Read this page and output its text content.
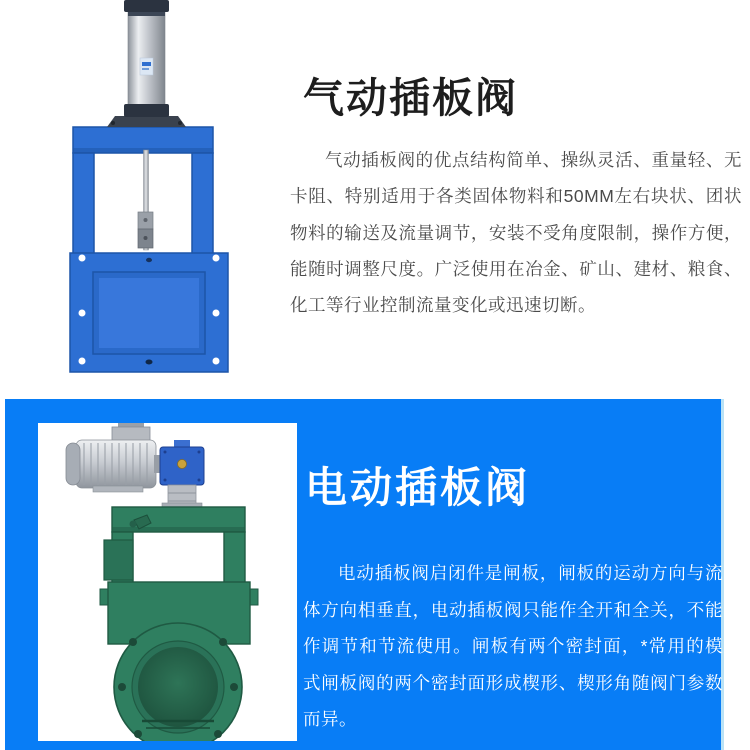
气动插板阀
气动插板阀的优点结构简单、操纵灵活、重量轻、无卡阻、特别适用于各类固体物料和50MM左右块状、团状物料的输送及流量调节，安装不受角度限制，操作方便，能随时调整尺度。广泛使用在冶金、矿山、建材、粮食、化工等行业控制流量变化或迅速切断。
电动插板阀
电动插板阀启闭件是闸板，闸板的运动方向与流体方向相垂直，电动插板阀只能作全开和全关，不能作调节和节流使用。闸板有两个密封面，*常用的模式闸板阀的两个密封面形成楔形、楔形角随阀门参数而异。
